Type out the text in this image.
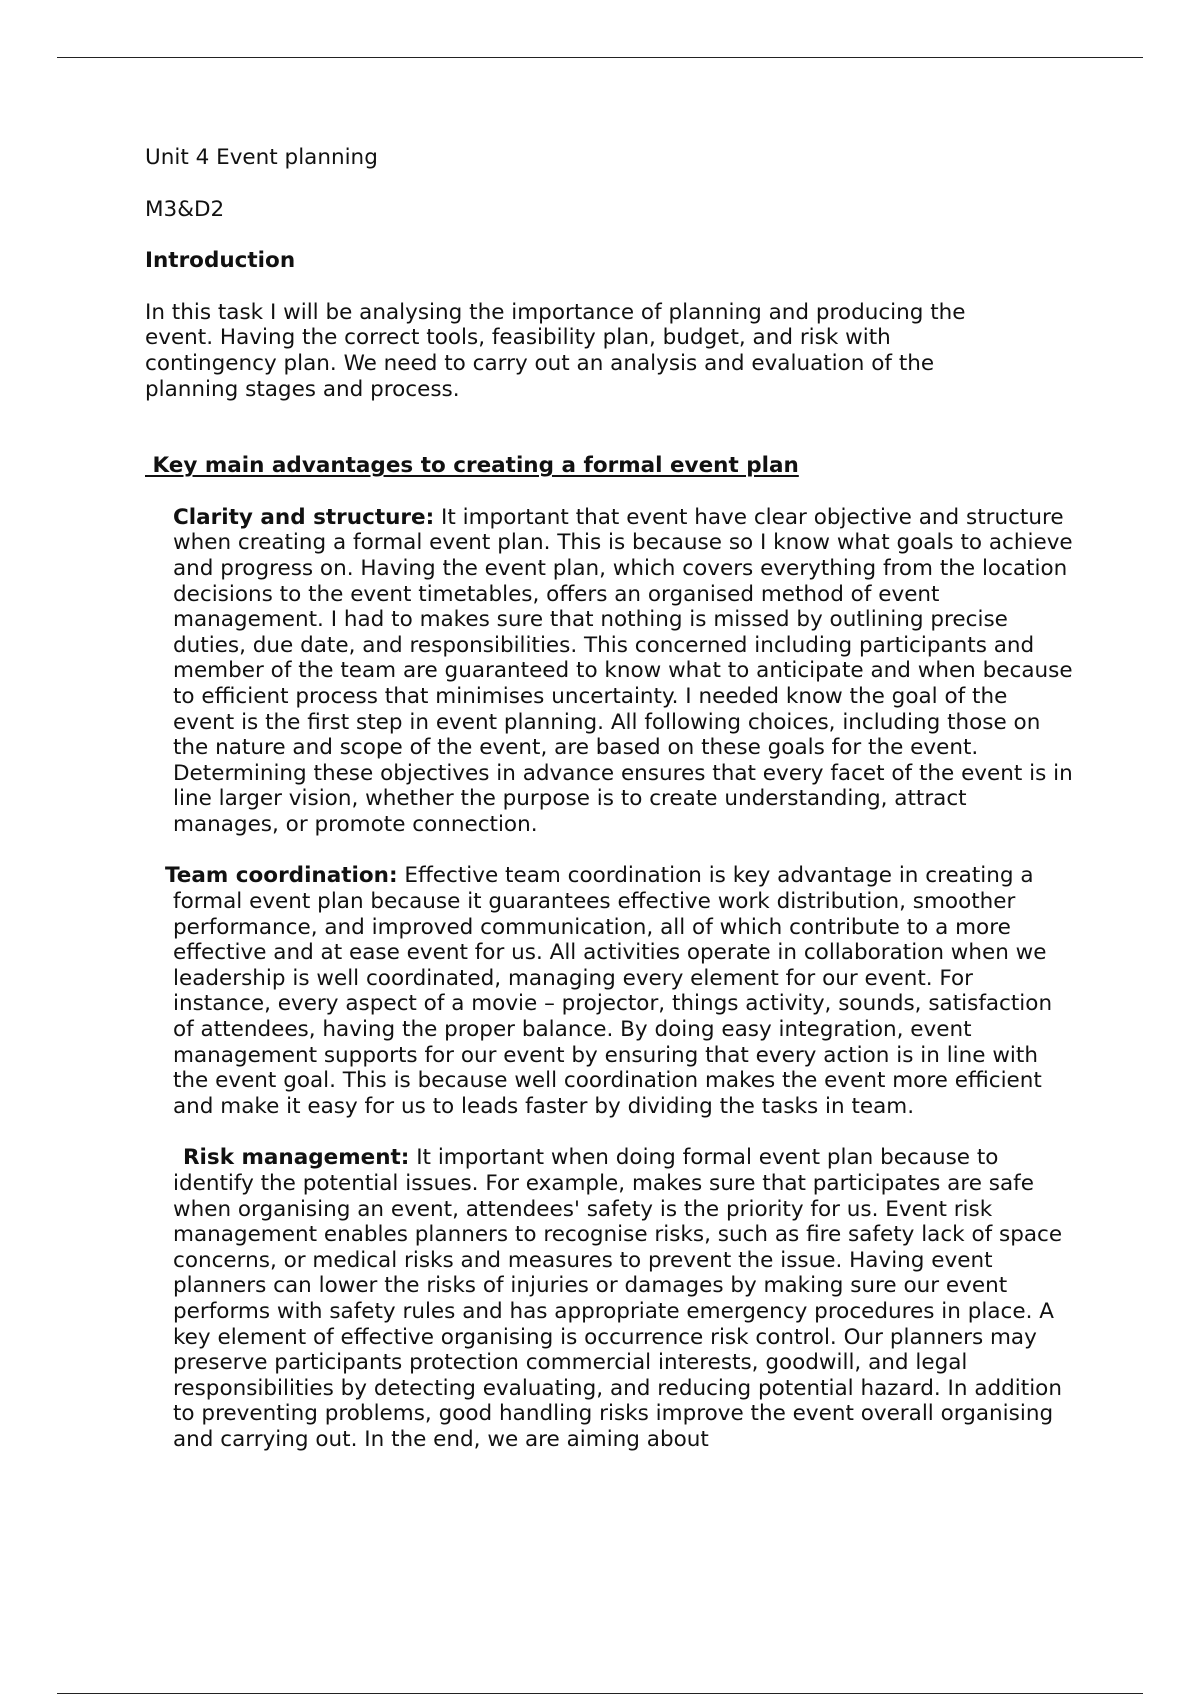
Unit 4 Event planning

M3&D2

Introduction

In this task I will be analysing the importance of planning and producing the event. Having the correct tools, feasibility plan, budget, and risk with contingency plan. We need to carry out an analysis and evaluation of the planning stages and process.

Key main advantages to creating a formal event plan

Clarity and structure: It important that event have clear objective and structure when creating a formal event plan. This is because so I know what goals to achieve and progress on. Having the event plan, which covers everything from the location decisions to the event timetables, offers an organised method of event management. I had to makes sure that nothing is missed by outlining precise duties, due date, and responsibilities. This concerned including participants and member of the team are guaranteed to know what to anticipate and when because to efficient process that minimises uncertainty. I needed know the goal of the event is the first step in event planning. All following choices, including those on the nature and scope of the event, are based on these goals for the event. Determining these objectives in advance ensures that every facet of the event is in line larger vision, whether the purpose is to create understanding, attract manages, or promote connection.

Team coordination: Effective team coordination is key advantage in creating a formal event plan because it guarantees effective work distribution, smoother performance, and improved communication, all of which contribute to a more effective and at ease event for us. All activities operate in collaboration when we leadership is well coordinated, managing every element for our event. For instance, every aspect of a movie – projector, things activity, sounds, satisfaction of attendees, having the proper balance. By doing easy integration, event management supports for our event by ensuring that every action is in line with the event goal. This is because well coordination makes the event more efficient and make it easy for us to leads faster by dividing the tasks in team.

Risk management: It important when doing formal event plan because to identify the potential issues. For example, makes sure that participates are safe when organising an event, attendees' safety is the priority for us. Event risk management enables planners to recognise risks, such as fire safety lack of space concerns, or medical risks and measures to prevent the issue. Having event planners can lower the risks of injuries or damages by making sure our event performs with safety rules and has appropriate emergency procedures in place. A key element of effective organising is occurrence risk control. Our planners may preserve participants protection commercial interests, goodwill, and legal responsibilities by detecting evaluating, and reducing potential hazard. In addition to preventing problems, good handling risks improve the event overall organising and carrying out. In the end, we are aiming about
